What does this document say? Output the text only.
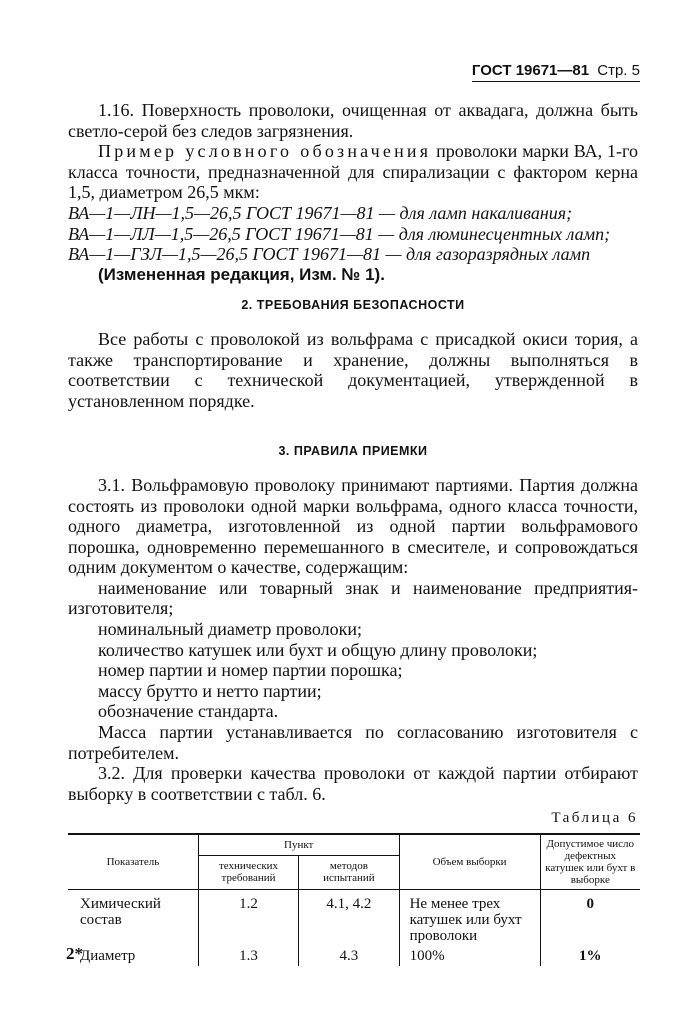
ГОСТ 19671—81 Стр. 5

1.16. Поверхность проволоки, очищенная от аквадага, должна быть светло-серой без следов загрязнения.

Пример условного обозначения проволоки марки ВА, 1-го класса точности, предназначенной для спирализации с фактором керна 1,5, диаметром 26,5 мкм:

ВА—1—ЛН—1,5—26,5 ГОСТ 19671—81 — для ламп накаливания;

ВА—1—ЛЛ—1,5—26,5 ГОСТ 19671—81 — для люминесцентных ламп;

ВА—1—ГЗЛ—1,5—26,5 ГОСТ 19671—81 — для газоразрядных ламп

(Измененная редакция, Изм. № 1).

2. ТРЕБОВАНИЯ БЕЗОПАСНОСТИ

Все работы с проволокой из вольфрама с присадкой окиси тория, а также транспортирование и хранение, должны выполняться в соответствии с технической документацией, утвержденной в установленном порядке.

3. ПРАВИЛА ПРИЕМКИ

3.1. Вольфрамовую проволоку принимают партиями. Партия должна состоять из проволоки одной марки вольфрама, одного класса точности, одного диаметра, изготовленной из одной партии вольфрамового порошка, одновременно перемешанного в смесителе, и сопровождаться одним документом о качестве, содержащим:

наименование или товарный знак и наименование предприятия-изготовителя;

номинальный диаметр проволоки;

количество катушек или бухт и общую длину проволоки;

номер партии и номер партии порошка;

массу брутто и нетто партии;

обозначение стандарта.

Масса партии устанавливается по согласованию изготовителя с потребителем.

3.2. Для проверки качества проволоки от каждой партии отбирают выборку в соответствии с табл. 6.

Таблица 6
Показатель	Пункт		Объем выборки	Допустимое число дефектных катушек или бухт в выборке
	технических требований	методов испытаний		
Химический состав	1.2	4.1, 4.2	Не менее трех катушек или бухт проволоки	0
Диаметр	1.3	4.3	100%	1%
2*
